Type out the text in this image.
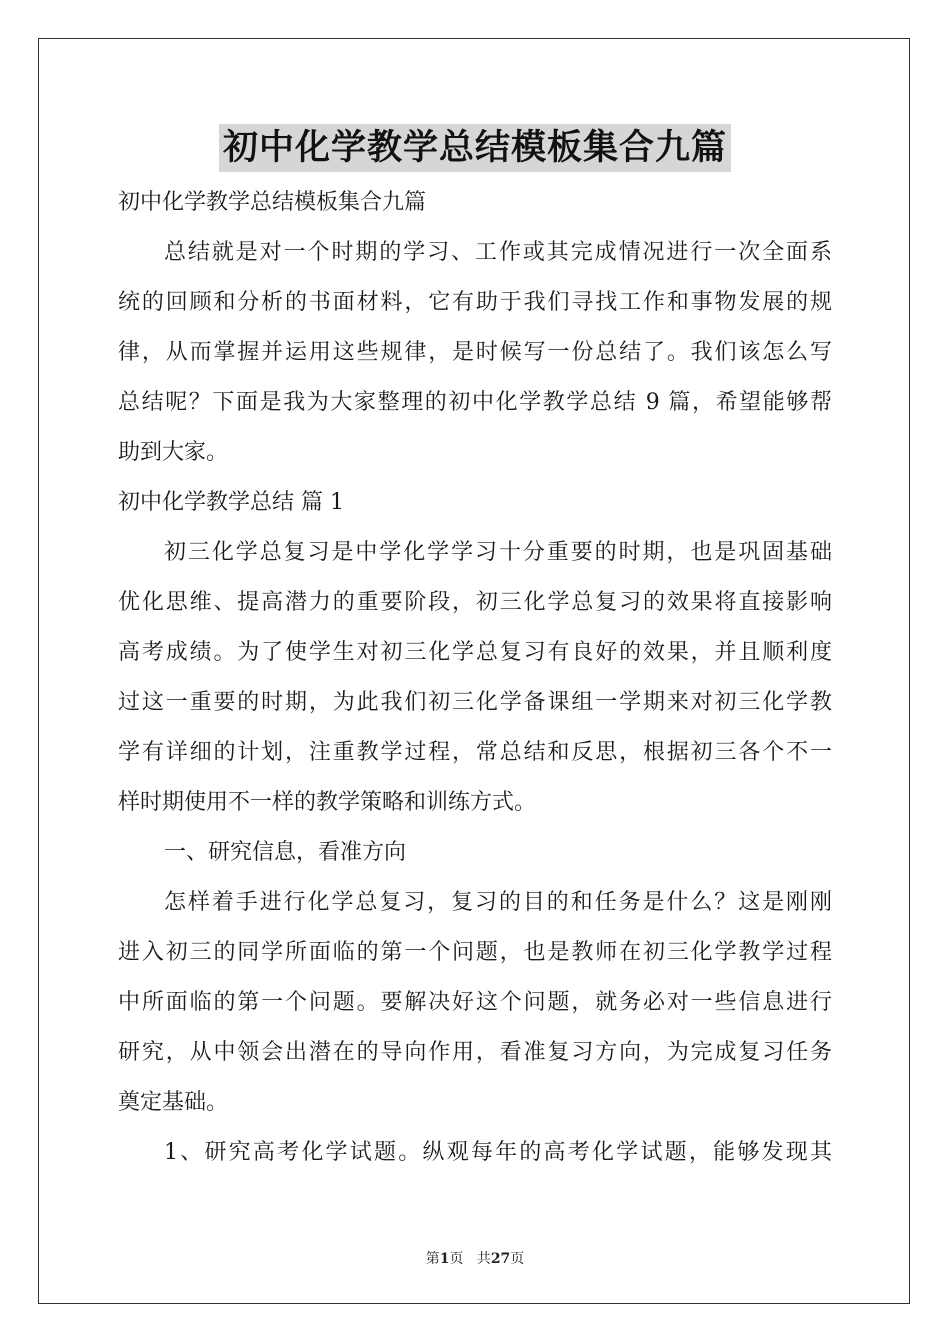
初中化学教学总结模板集合九篇
初中化学教学总结模板集合九篇
总结就是对一个时期的学习、工作或其完成情况进行一次全面系
统的回顾和分析的书面材料，它有助于我们寻找工作和事物发展的规
律，从而掌握并运用这些规律，是时候写一份总结了。我们该怎么写
总结呢？下面是我为大家整理的初中化学教学总结 9 篇，希望能够帮
助到大家。
初中化学教学总结 篇 1
初三化学总复习是中学化学学习十分重要的时期，也是巩固基础
优化思维、提高潜力的重要阶段，初三化学总复习的效果将直接影响
高考成绩。为了使学生对初三化学总复习有良好的效果，并且顺利度
过这一重要的时期，为此我们初三化学备课组一学期来对初三化学教
学有详细的计划，注重教学过程，常总结和反思，根据初三各个不一
样时期使用不一样的教学策略和训练方式。
一、研究信息，看准方向
怎样着手进行化学总复习，复习的目的和任务是什么？这是刚刚
进入初三的同学所面临的第一个问题，也是教师在初三化学教学过程
中所面临的第一个问题。要解决好这个问题，就务必对一些信息进行
研究，从中领会出潜在的导向作用，看准复习方向，为完成复习任务
奠定基础。
1、研究高考化学试题。纵观每年的高考化学试题，能够发现其
第1页 共27页
